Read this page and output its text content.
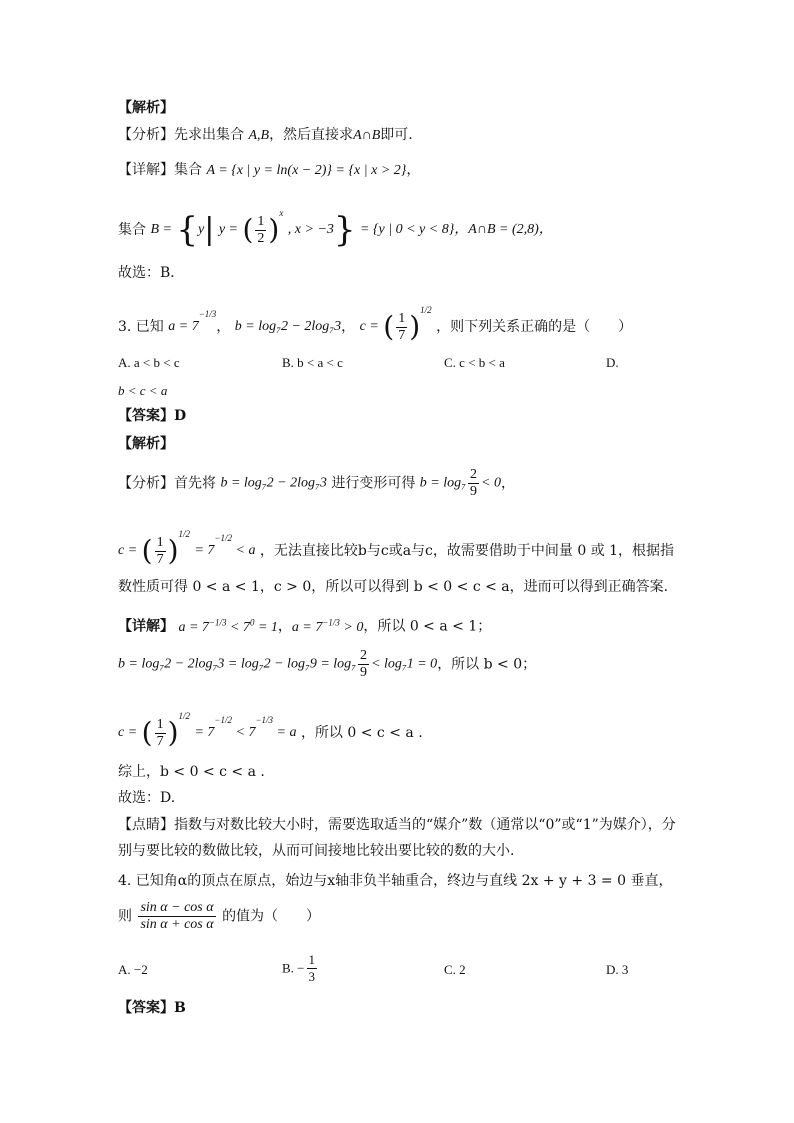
【解析】
【分析】先求出集合 A,B，然后直接求A∩B即可.
【详解】集合 A = {x | y = ln(x − 2)} = {x | x > 2}，
集合 B = {y| y = ( $\frac{1}{2} )^x$ , x > −3} = {y | 0 < y < 8}，A∩B = (2,8)，
故选：B．
3. 已知 $a = 7^{-1/3}$， b = log₇2 − 2log₇3， c = ( $\frac{1}{7} )^{1/2}$ ，则下列关系正确的是（　　）
A. a < b < c	B. b < a < c	C. c < b < a	D.
b < c < a
【答案】D
【解析】
【分析】首先将 b = log₇2 − 2log₇3 进行变形可得 $b = \log_7 \frac{2}{9} < 0$，
c = ( $\frac{1}{7} )^{1/2} = 7^{-1/2} < a$ ，无法直接比较b与c或a与c，故需要借助于中间量 0 或 1，根据指
数性质可得 0 < a < 1，c > 0，所以可以得到 b < 0 < c < a，进而可以得到正确答案.
【详解】 $a = 7^{-1/3} < 7^0 = 1$，$a = 7^{-1/3} > 0$，所以 0 < a < 1；
$b = \log_72 - 2\log_73 = \log_72 - \log_79 = \log_7 \frac{2}{9} < \log_71 = 0$，所以 b < 0；
c = ( $\frac{1}{7} )^{1/2} = 7^{-1/2} < 7^{-1/3} = a$ ，所以 0 < c < a .
综上，b < 0 < c < a .
故选：D.
【点睛】指数与对数比较大小时，需要选取适当的“媒介”数（通常以“0”或“1”为媒介），分
别与要比较的数做比较，从而可间接地比较出要比较的数的大小.
4. 已知角α的顶点在原点，始边与x轴非负半轴重合，终边与直线 2x + y + 3 = 0 垂直，
则 $\frac{\text{sin α − cos α}}{\text{sin α + cos α}}$ 的值为（　　）
A. −2	B. − $\frac{1}{3}$	C. 2	D. 3
【答案】B
